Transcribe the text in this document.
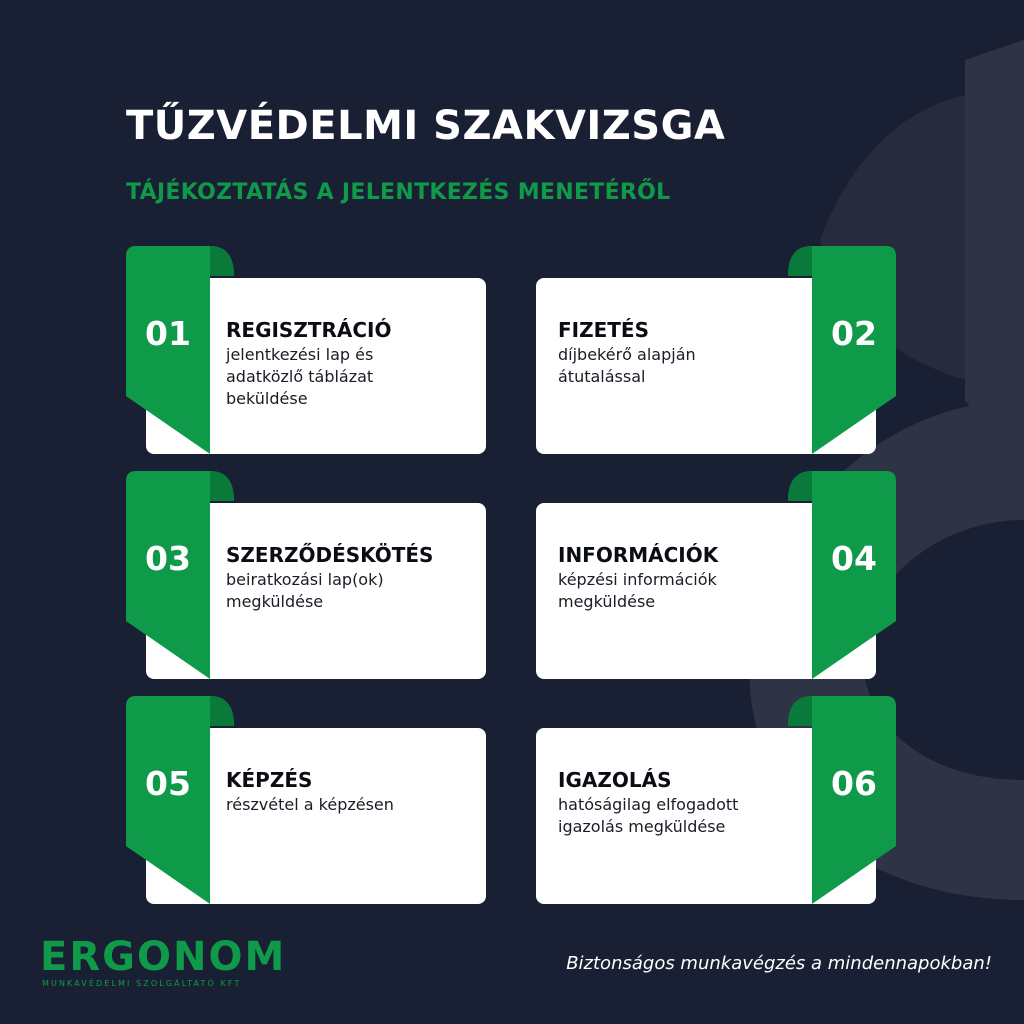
TŰZVÉDELMI SZAKVIZSGA
TÁJÉKOZTATÁS A JELENTKEZÉS MENETÉRŐL
01	REGISZTRÁCIÓ

jelentkezési lap és
adatközlő táblázat
beküldése

02

FIZETÉS

díjbekérő alapján
átutalással

03	SZERZŐDÉSKÖTÉS

beiratkozási lap(ok)
megküldése

04

INFORMÁCIÓK

képzési információk
megküldése

05	KÉPZÉS

részvétel a képzésen

06

IGAZOLÁS

hatóságilag elfogadott
igazolás megküldése

ERGONOM

MUNKAVÉDELMI SZOLGÁLTATÓ KFT

Biztonságos munkavégzés a mindennapokban!
